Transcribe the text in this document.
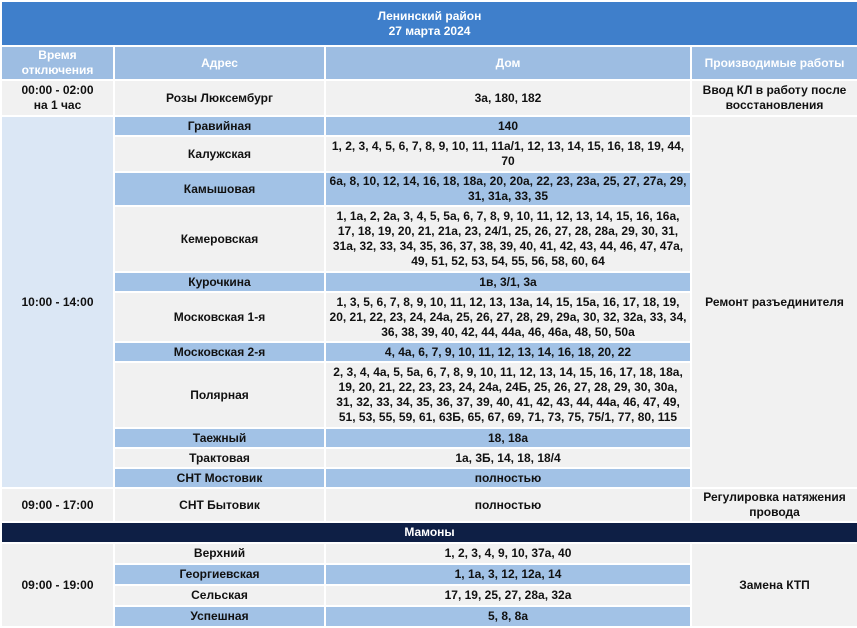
Ленинский район
27 марта 2024			

Время отключения	Адрес	Дом	Производимые работы
00:00 - 02:00
на 1 час	Розы Люксембург	3а, 180, 182	Ввод КЛ в работу после восстановления
10:00 - 14:00	Гравийная	140	Ремонт разъединителя
	Калужская	1, 2, 3, 4, 5, 6, 7, 8, 9, 10, 11, 11а/1, 12, 13, 14, 15, 16, 18, 19, 44, 70	
	Камышовая	6а, 8, 10, 12, 14, 16, 18, 18а, 20, 20а, 22, 23, 23а, 25, 27, 27а, 29, 31, 31а, 33, 35	
	Кемеровская	1, 1а, 2, 2а, 3, 4, 5, 5а, 6, 7, 8, 9, 10, 11, 12, 13, 14, 15, 16, 16а, 17, 18, 19, 20, 21, 21а, 23, 24/1, 25, 26, 27, 28, 28а, 29, 30, 31, 31а, 32, 33, 34, 35, 36, 37, 38, 39, 40, 41, 42, 43, 44, 46, 47, 47а, 49, 51, 52, 53, 54, 55, 56, 58, 60, 64	
	Курочкина	1в, 3/1, 3а	
	Московская 1-я	1, 3, 5, 6, 7, 8, 9, 10, 11, 12, 13, 13а, 14, 15, 15а, 16, 17, 18, 19, 20, 21, 22, 23, 24, 24а, 25, 26, 27, 28, 29, 29а, 30, 32, 32а, 33, 34, 36, 38, 39, 40, 42, 44, 44а, 46, 46а, 48, 50, 50а	
	Московская 2-я	4, 4а, 6, 7, 9, 10, 11, 12, 13, 14, 16, 18, 20, 22	
	Полярная	2, 3, 4, 4а, 5, 5а, 6, 7, 8, 9, 10, 11, 12, 13, 14, 15, 16, 17, 18, 18а, 19, 20, 21, 22, 23, 23, 24, 24а, 24Б, 25, 26, 27, 28, 29, 30, 30а, 31, 32, 33, 34, 35, 36, 37, 39, 40, 41, 42, 43, 44, 44а, 46, 47, 49, 51, 53, 55, 59, 61, 63Б, 65, 67, 69, 71, 73, 75, 75/1, 77, 80, 115	
	Таежный	18, 18а	
	Трактовая	1а, 3Б, 14, 18, 18/4	
	СНТ Мостовик	полностью	
09:00 - 17:00	СНТ Бытовик	полностью	Регулировка натяжения провода
Мамоны			
09:00 - 19:00	Верхний	1, 2, 3, 4, 9, 10, 37а, 40	Замена КТП
	Георгиевская	1, 1а, 3, 12, 12а, 14	
	Сельская	17, 19, 25, 27, 28а, 32а	
	Успешная	5, 8, 8а	
